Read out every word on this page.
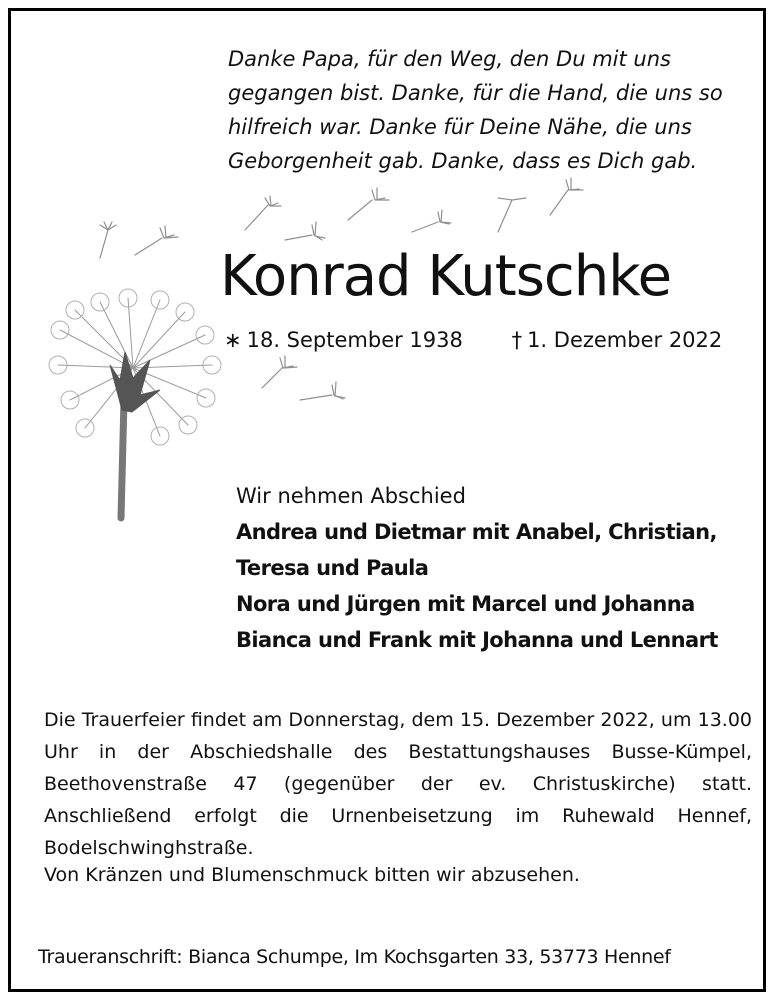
Danke Papa, für den Weg, den Du mit uns
gegangen bist. Danke, für die Hand, die uns so
hilfreich war. Danke für Deine Nähe, die uns
Geborgenheit gab. Danke, dass es Dich gab.
Konrad Kutschke
∗ 18. September 1938 † 1. Dezember 2022
Wir nehmen Abschied
Andrea und Dietmar mit Anabel, Christian,
Teresa und Paula
Nora und Jürgen mit Marcel und Johanna
Bianca und Frank mit Johanna und Lennart
Die Trauerfeier findet am Donnerstag, dem 15. Dezember 2022, um 13.00 Uhr in der Abschiedshalle des Bestattungshauses Busse-Kümpel, Beethovenstraße 47 (gegenüber der ev. Christuskirche) statt. Anschließend erfolgt die Urnenbeisetzung im Ruhewald Hennef, Bodelschwinghstraße.
Von Kränzen und Blumenschmuck bitten wir abzusehen.
Traueranschrift: Bianca Schumpe, Im Kochsgarten 33, 53773 Hennef
